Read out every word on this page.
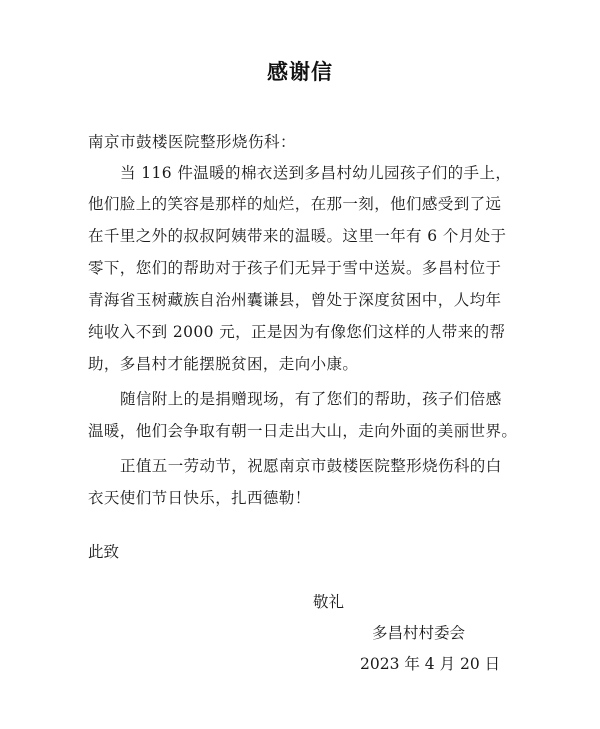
感谢信
南京市鼓楼医院整形烧伤科：
当 116 件温暖的棉衣送到多昌村幼儿园孩子们的手上，
他们脸上的笑容是那样的灿烂，在那一刻，他们感受到了远
在千里之外的叔叔阿姨带来的温暖。这里一年有 6 个月处于
零下，您们的帮助对于孩子们无异于雪中送炭。多昌村位于
青海省玉树藏族自治州囊谦县，曾处于深度贫困中，人均年
纯收入不到 2000 元，正是因为有像您们这样的人带来的帮
助，多昌村才能摆脱贫困，走向小康。
随信附上的是捐赠现场，有了您们的帮助，孩子们倍感
温暖，他们会争取有朝一日走出大山，走向外面的美丽世界。
正值五一劳动节，祝愿南京市鼓楼医院整形烧伤科的白
衣天使们节日快乐，扎西德勒！
此致
敬礼
多昌村村委会
2023 年 4 月 20 日
